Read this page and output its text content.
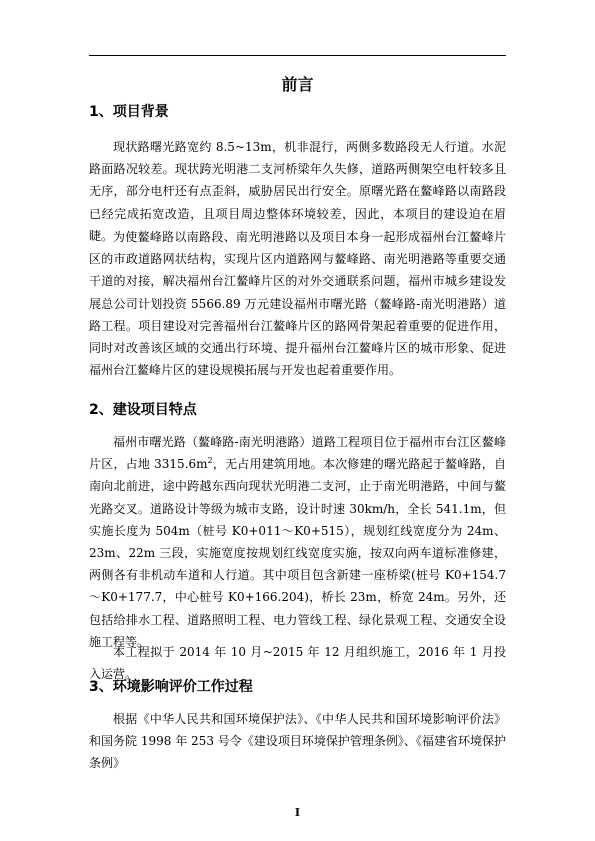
前言
1、项目背景

现状路曙光路宽约 8.5~13m，机非混行，两侧多数路段无人行道。水泥路面路况较差。现状跨光明港二支河桥梁年久失修，道路两侧架空电杆较多且无序，部分电杆还有点歪斜，威胁居民出行安全。原曙光路在鳌峰路以南路段已经完成拓宽改造，且项目周边整体环境较差，因此，本项目的建设迫在眉睫。 为使鳌峰路以南路段、南光明港路以及项目本身一起形成福州台江鳌峰片区的市政道路网状结构，实现片区内道路网与鳌峰路、南光明港路等重要交通干道的对接，解决福州台江鳌峰片区的对外交通联系问题，福州市城乡建设发展总公司计划投资 5566.89 万元建设福州市曙光路（鳌峰路-南光明港路）道路工程。项目建设对完善福州台江鳌峰片区的路网骨架起着重要的促进作用，同时对改善该区域的交通出行环境、提升福州台江鳌峰片区的城市形象、促进福州台江鳌峰片区的建设规模拓展与开发也起着重要作用。

2、建设项目特点

福州市曙光路（鳌峰路-南光明港路）道路工程项目位于福州市台江区鳌峰片区，占地 $3315.6m^2$，无占用建筑用地。本次修建的曙光路起于鳌峰路，自南向北前进，途中跨越东西向现状光明港二支河，止于南光明港路，中间与鳌光路交叉。道路设计等级为城市支路，设计时速 30km/h，全长 541.1m，但实施长度为 504m（桩号 K0+011～K0+515），规划红线宽度分为 24m、23m、22m 三段，实施宽度按规划红线宽度实施，按双向两车道标准修建，两侧各有非机动车道和人行道。其中项目包含新建一座桥梁(桩号 K0+154.7～K0+177.7，中心桩号 K0+166.204)，桥长 23m，桥宽 24m。另外，还包括给排水工程、道路照明工程、电力管线工程、绿化景观工程、交通安全设施工程等。

本工程拟于 2014 年 10 月~2015 年 12 月组织施工，2016 年 1 月投入运营。

3、环境影响评价工作过程

根据《中华人民共和国环境保护法》、《中华人民共和国环境影响评价法》和国务院 1998 年 253 号令《建设项目环境保护管理条例》、《福建省环境保护条例》

I
